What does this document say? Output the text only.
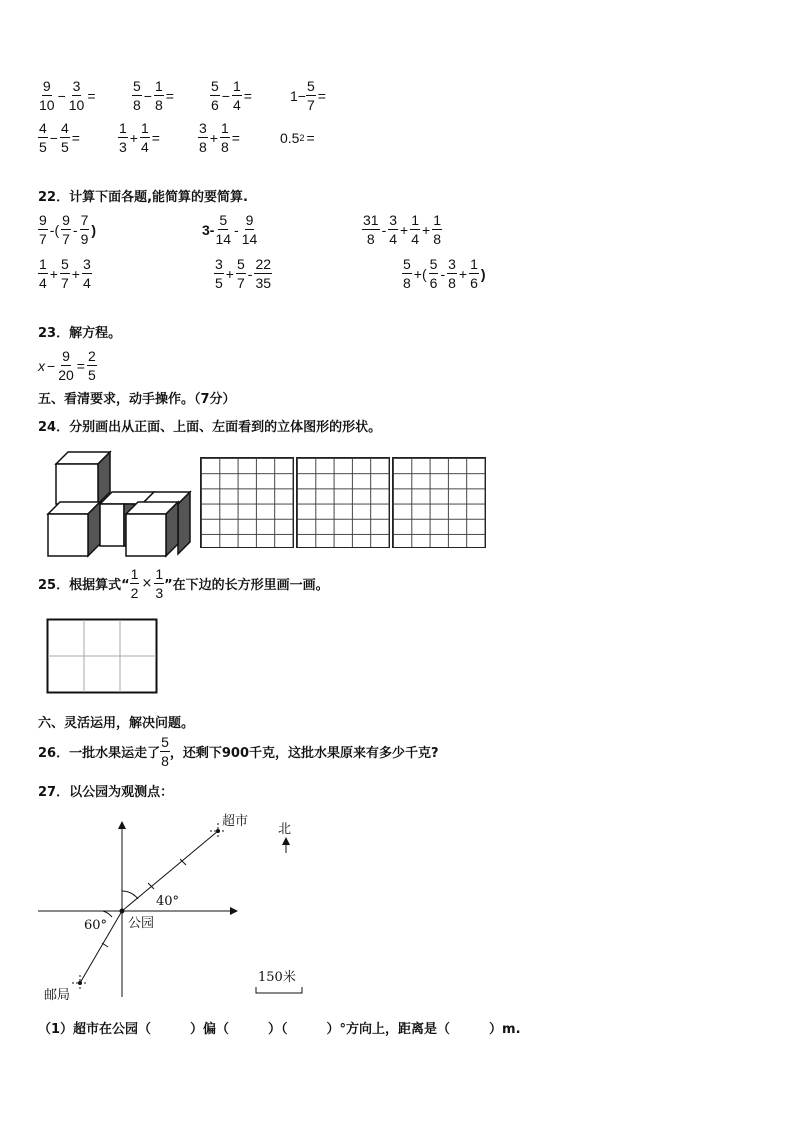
$\frac{9}{10} - \frac{3}{10}$ =	$\frac{5}{8} - \frac{1}{8}$ =	$\frac{5}{6} - \frac{1}{4}$ =	$1- \frac{5}{7}$ =
$\frac{4}{5} - \frac{4}{5}$ =	$\frac{1}{3} + \frac{1}{4}$ =	$\frac{3}{8} + \frac{1}{8}$ =	0.5 2 =
22．计算下面各题,能简算的要简算.
$\frac{9}{7}$ -( $\frac{9}{7} - \frac{7}{9}$ )	$3- \frac{5}{14} - \frac{9}{14}$	$\frac{31}{8} - \frac{3}{4} + \frac{1}{4} + \frac{1}{8}$
$\frac{1}{4} + \frac{5}{7} + \frac{3}{4}$	$\frac{3}{5} + \frac{5}{7} - \frac{22}{35}$	$\frac{5}{8}$ +( $\frac{5}{6} - \frac{3}{8} + \frac{1}{6}$ )
23．解方程。
$x - \frac{9}{20} = \frac{2}{5}$
五、看清要求，动手操作。（7分）
24．分别画出从正面、上面、左面看到的立体图形的形状。
25．根据算式“ $\frac{1}{2} \times \frac{1}{3}$ ”在下边的长方形里画一画。
六、灵活运用，解决问题。
26．一批水果运走了 $\frac{5}{8}$ ，还剩下900千克，这批水果原来有多少千克?
27．以公园为观测点：
超市
北
40°
60° 公园
邮局
150米
（1）超市在公园（　　　）偏（　　　）（　　　）°方向上，距离是（　　　）m.
